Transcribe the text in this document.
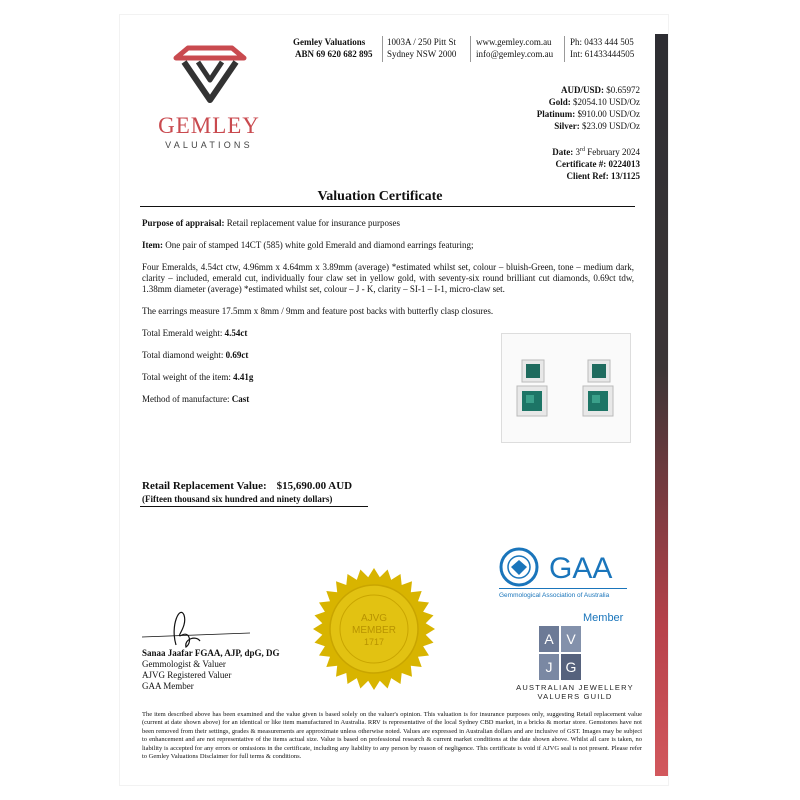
GEMLEY
VALUATIONS
Gemley Valuations
ABN 69 620 682 895
1003A / 250 Pitt St
Sydney NSW 2000
www.gemley.com.au
info@gemley.com.au
Ph: 0433 444 505
Int: 61433444505
AUD/USD: $0.65972
Gold: $2054.10 USD/Oz
Platinum: $910.00 USD/Oz
Silver: $23.09 USD/Oz
Date: 3rd February 2024
Certificate #: 0224013
Client Ref: 13/1125
Valuation Certificate
Purpose of appraisal: Retail replacement value for insurance purposes
Item: One pair of stamped 14CT (585) white gold Emerald and diamond earrings featuring;
Four Emeralds, 4.54ct ctw, 4.96mm x 4.64mm x 3.89mm (average) *estimated whilst set, colour – bluish-Green, tone – medium dark, clarity – included, emerald cut, individually four claw set in yellow gold, with seventy-six round brilliant cut diamonds, 0.69ct tdw, 1.38mm diameter (average) *estimated whilst set, colour – J - K, clarity – SI-1 – I-1, micro-claw set.
The earrings measure 17.5mm x 8mm / 9mm and feature post backs with butterfly clasp closures.
Total Emerald weight: 4.54ct
Total diamond weight: 0.69ct
Total weight of the item: 4.41g
Method of manufacture: Cast
Retail Replacement Value: $15,690.00 AUD
(Fifteen thousand six hundred and ninety dollars)
Sanaa Jaafar FGAA, AJP, dpG, DG
Gemmologist & Valuer
AJVG Registered Valuer
GAA Member
AJVG
MEMBER
1717
GAA
Gemmological Association of Australia
Member
A V
J G
AUSTRALIAN JEWELLERY
VALUERS GUILD
The item described above has been examined and the value given is based solely on the valuer's opinion. This valuation is for insurance purposes only, suggesting Retail replacement value (current at date shown above) for an identical or like item manufactured in Australia. RRV is representative of the local Sydney CBD market, in a bricks & mortar store. Gemstones have not been removed from their settings, grades & measurements are approximate unless otherwise noted. Values are expressed in Australian dollars and are inclusive of GST. Images may be subject to enhancement and are not representative of the items actual size. Value is based on professional research & current market conditions at the date shown above. Whilst all care is taken, no liability is accepted for any errors or omissions in the certificate, including any liability to any person by reason of negligence. This certificate is void if AJVG seal is not present. Please refer to Gemley Valuations Disclaimer for full terms & conditions.
